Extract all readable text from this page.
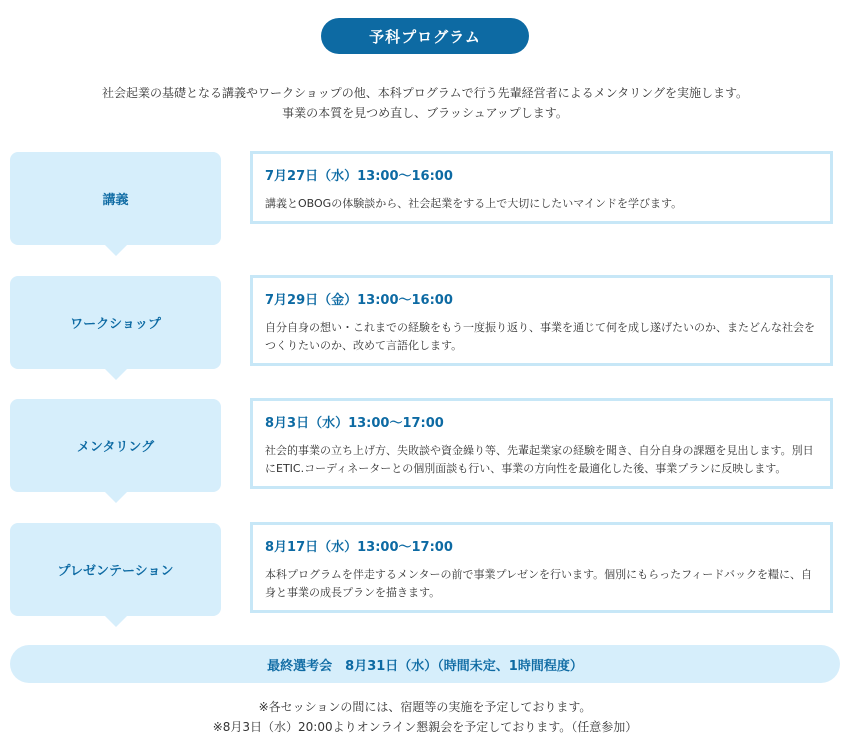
予科プログラム
社会起業の基礎となる講義やワークショップの他、本科プログラムで行う先輩経営者によるメンタリングを実施します。
事業の本質を見つめ直し、ブラッシュアップします。
講義
7月27日（水）13:00〜16:00
講義とOBOGの体験談から、社会起業をする上で大切にしたいマインドを学びます。
ワークショップ
7月29日（金）13:00〜16:00
自分自身の想い・これまでの経験をもう一度振り返り、事業を通じて何を成し遂げたいのか、またどんな社会をつくりたいのか、改めて言語化します。
メンタリング
8月3日（水）13:00〜17:00
社会的事業の立ち上げ方、失敗談や資金繰り等、先輩起業家の経験を聞き、自分自身の課題を見出します。別日にETIC.コーディネーターとの個別面談も行い、事業の方向性を最適化した後、事業プランに反映します。
プレゼンテーション
8月17日（水）13:00〜17:00
本科プログラムを伴走するメンターの前で事業プレゼンを行います。個別にもらったフィードバックを糧に、自身と事業の成長プランを描きます。
最終選考会　8月31日（水）（時間未定、1時間程度）
※各セッションの間には、宿題等の実施を予定しております。
※8月3日（水）20:00よりオンライン懇親会を予定しております。（任意参加）
